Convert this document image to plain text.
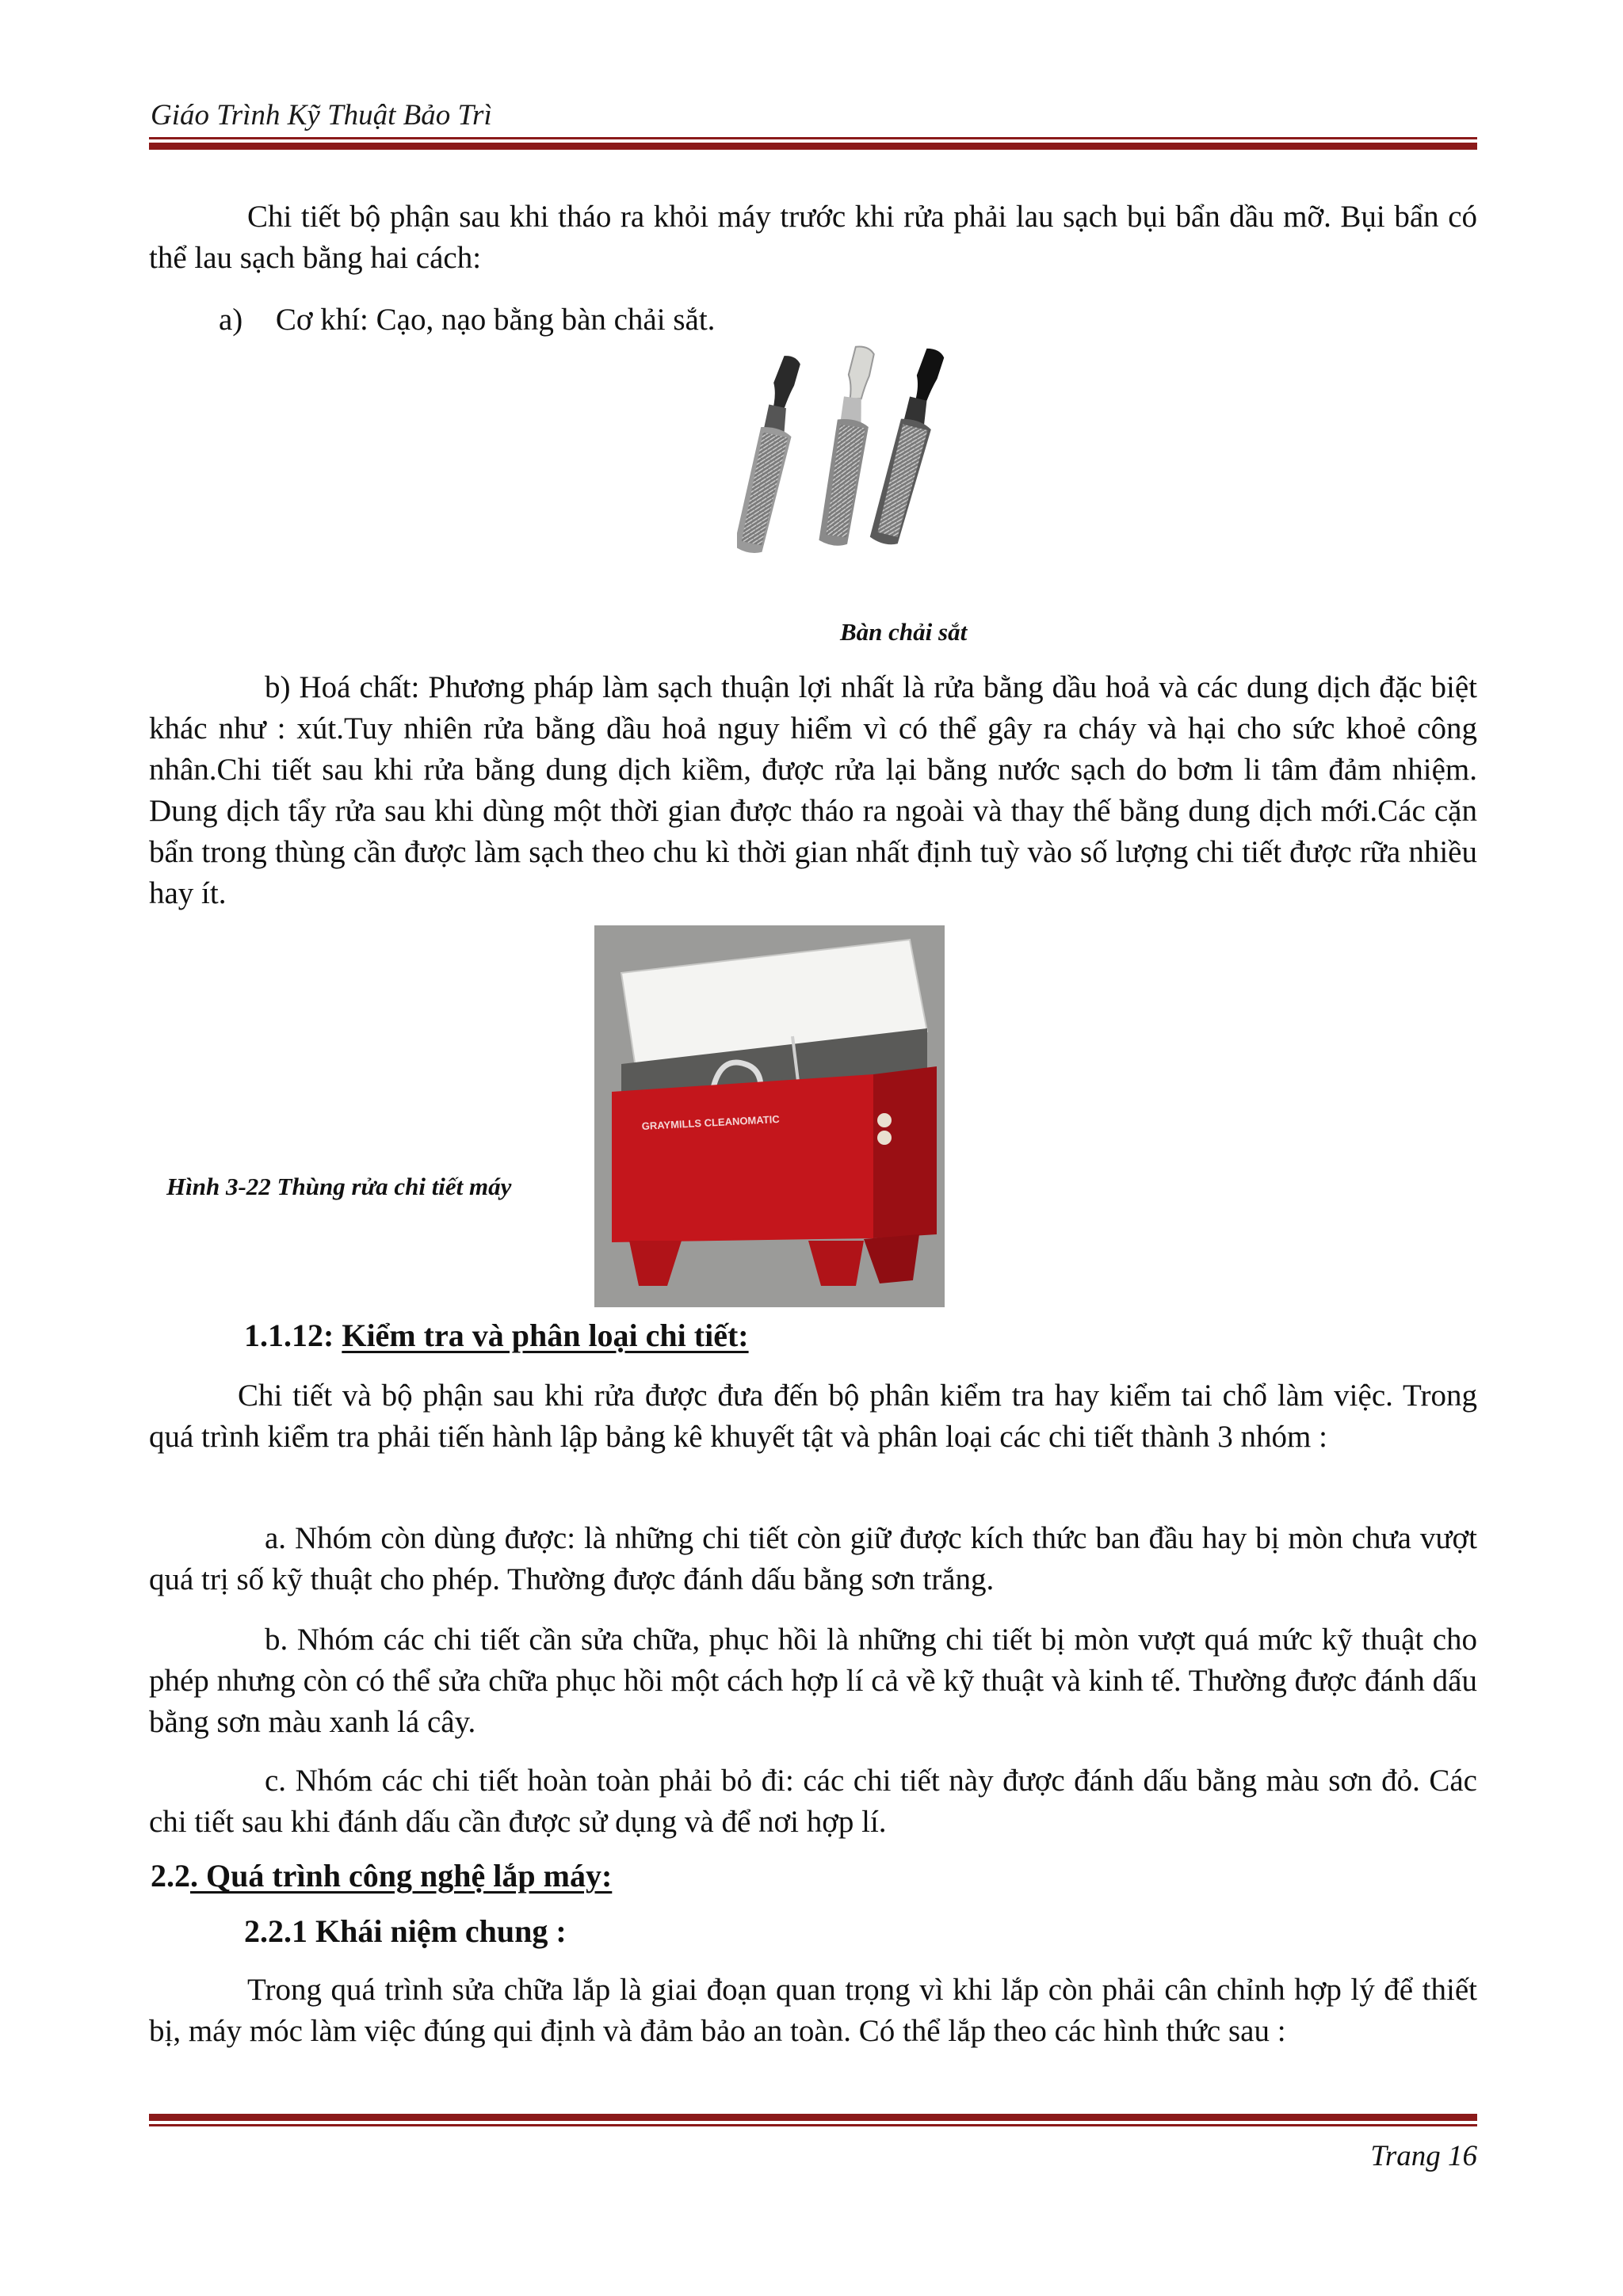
Giáo Trình Kỹ Thuật Bảo Trì

Chi tiết bộ phận sau khi tháo ra khỏi máy trước khi rửa phải lau sạch bụi bẩn dầu mỡ. Bụi bẩn có thể lau sạch bằng hai cách:

a) Cơ khí: Cạo, nạo bằng bàn chải sắt.
Bàn chải sắt

b) Hoá chất: Phương pháp làm sạch thuận lợi nhất là rửa bằng dầu hoả và các dung dịch đặc biệt khác như : xút.Tuy nhiên rửa bằng dầu hoả nguy hiểm vì có thể gây ra cháy và hại cho sức khoẻ công nhân.Chi tiết sau khi rửa bằng dung dịch kiềm, được rửa lại bằng nước sạch do bơm li tâm đảm nhiệm. Dung dịch tẩy rửa sau khi dùng một thời gian được tháo ra ngoài và thay thế bằng dung dịch mới.Các cặn bẩn trong thùng cần được làm sạch theo chu kì thời gian nhất định tuỳ vào số lượng chi tiết được rữa nhiều hay ít.

Hình 3-22 Thùng rửa chi tiết máy
GRAYMILLS CLEANOMATIC
1.1.12: Kiểm tra và phân loại chi tiết:

Chi tiết và bộ phận sau khi rửa được đưa đến bộ phân kiểm tra hay kiểm tai chổ làm việc. Trong quá trình kiểm tra phải tiến hành lập bảng kê khuyết tật và phân loại các chi tiết thành 3 nhóm :

a. Nhóm còn dùng được: là những chi tiết còn giữ được kích thức ban đầu hay bị mòn chưa vượt quá trị số kỹ thuật cho phép. Thường được đánh dấu bằng sơn trắng.

b. Nhóm các chi tiết cần sửa chữa, phục hồi là những chi tiết bị mòn vượt quá mức kỹ thuật cho phép nhưng còn có thể sửa chữa phục hồi một cách hợp lí cả về kỹ thuật và kinh tế. Thường được đánh dấu bằng sơn màu xanh lá cây.

c. Nhóm các chi tiết hoàn toàn phải bỏ đi: các chi tiết này được đánh dấu bằng màu sơn đỏ. Các chi tiết sau khi đánh dấu cần được sử dụng và để nơi hợp lí.

2.2. Quá trình công nghệ lắp máy:
2.2.1 Khái niệm chung :

Trong quá trình sửa chữa lắp là giai đoạn quan trọng vì khi lắp còn phải cân chỉnh hợp lý để thiết bị, máy móc làm việc đúng qui định và đảm bảo an toàn. Có thể lắp theo các hình thức sau :

Trang 16
